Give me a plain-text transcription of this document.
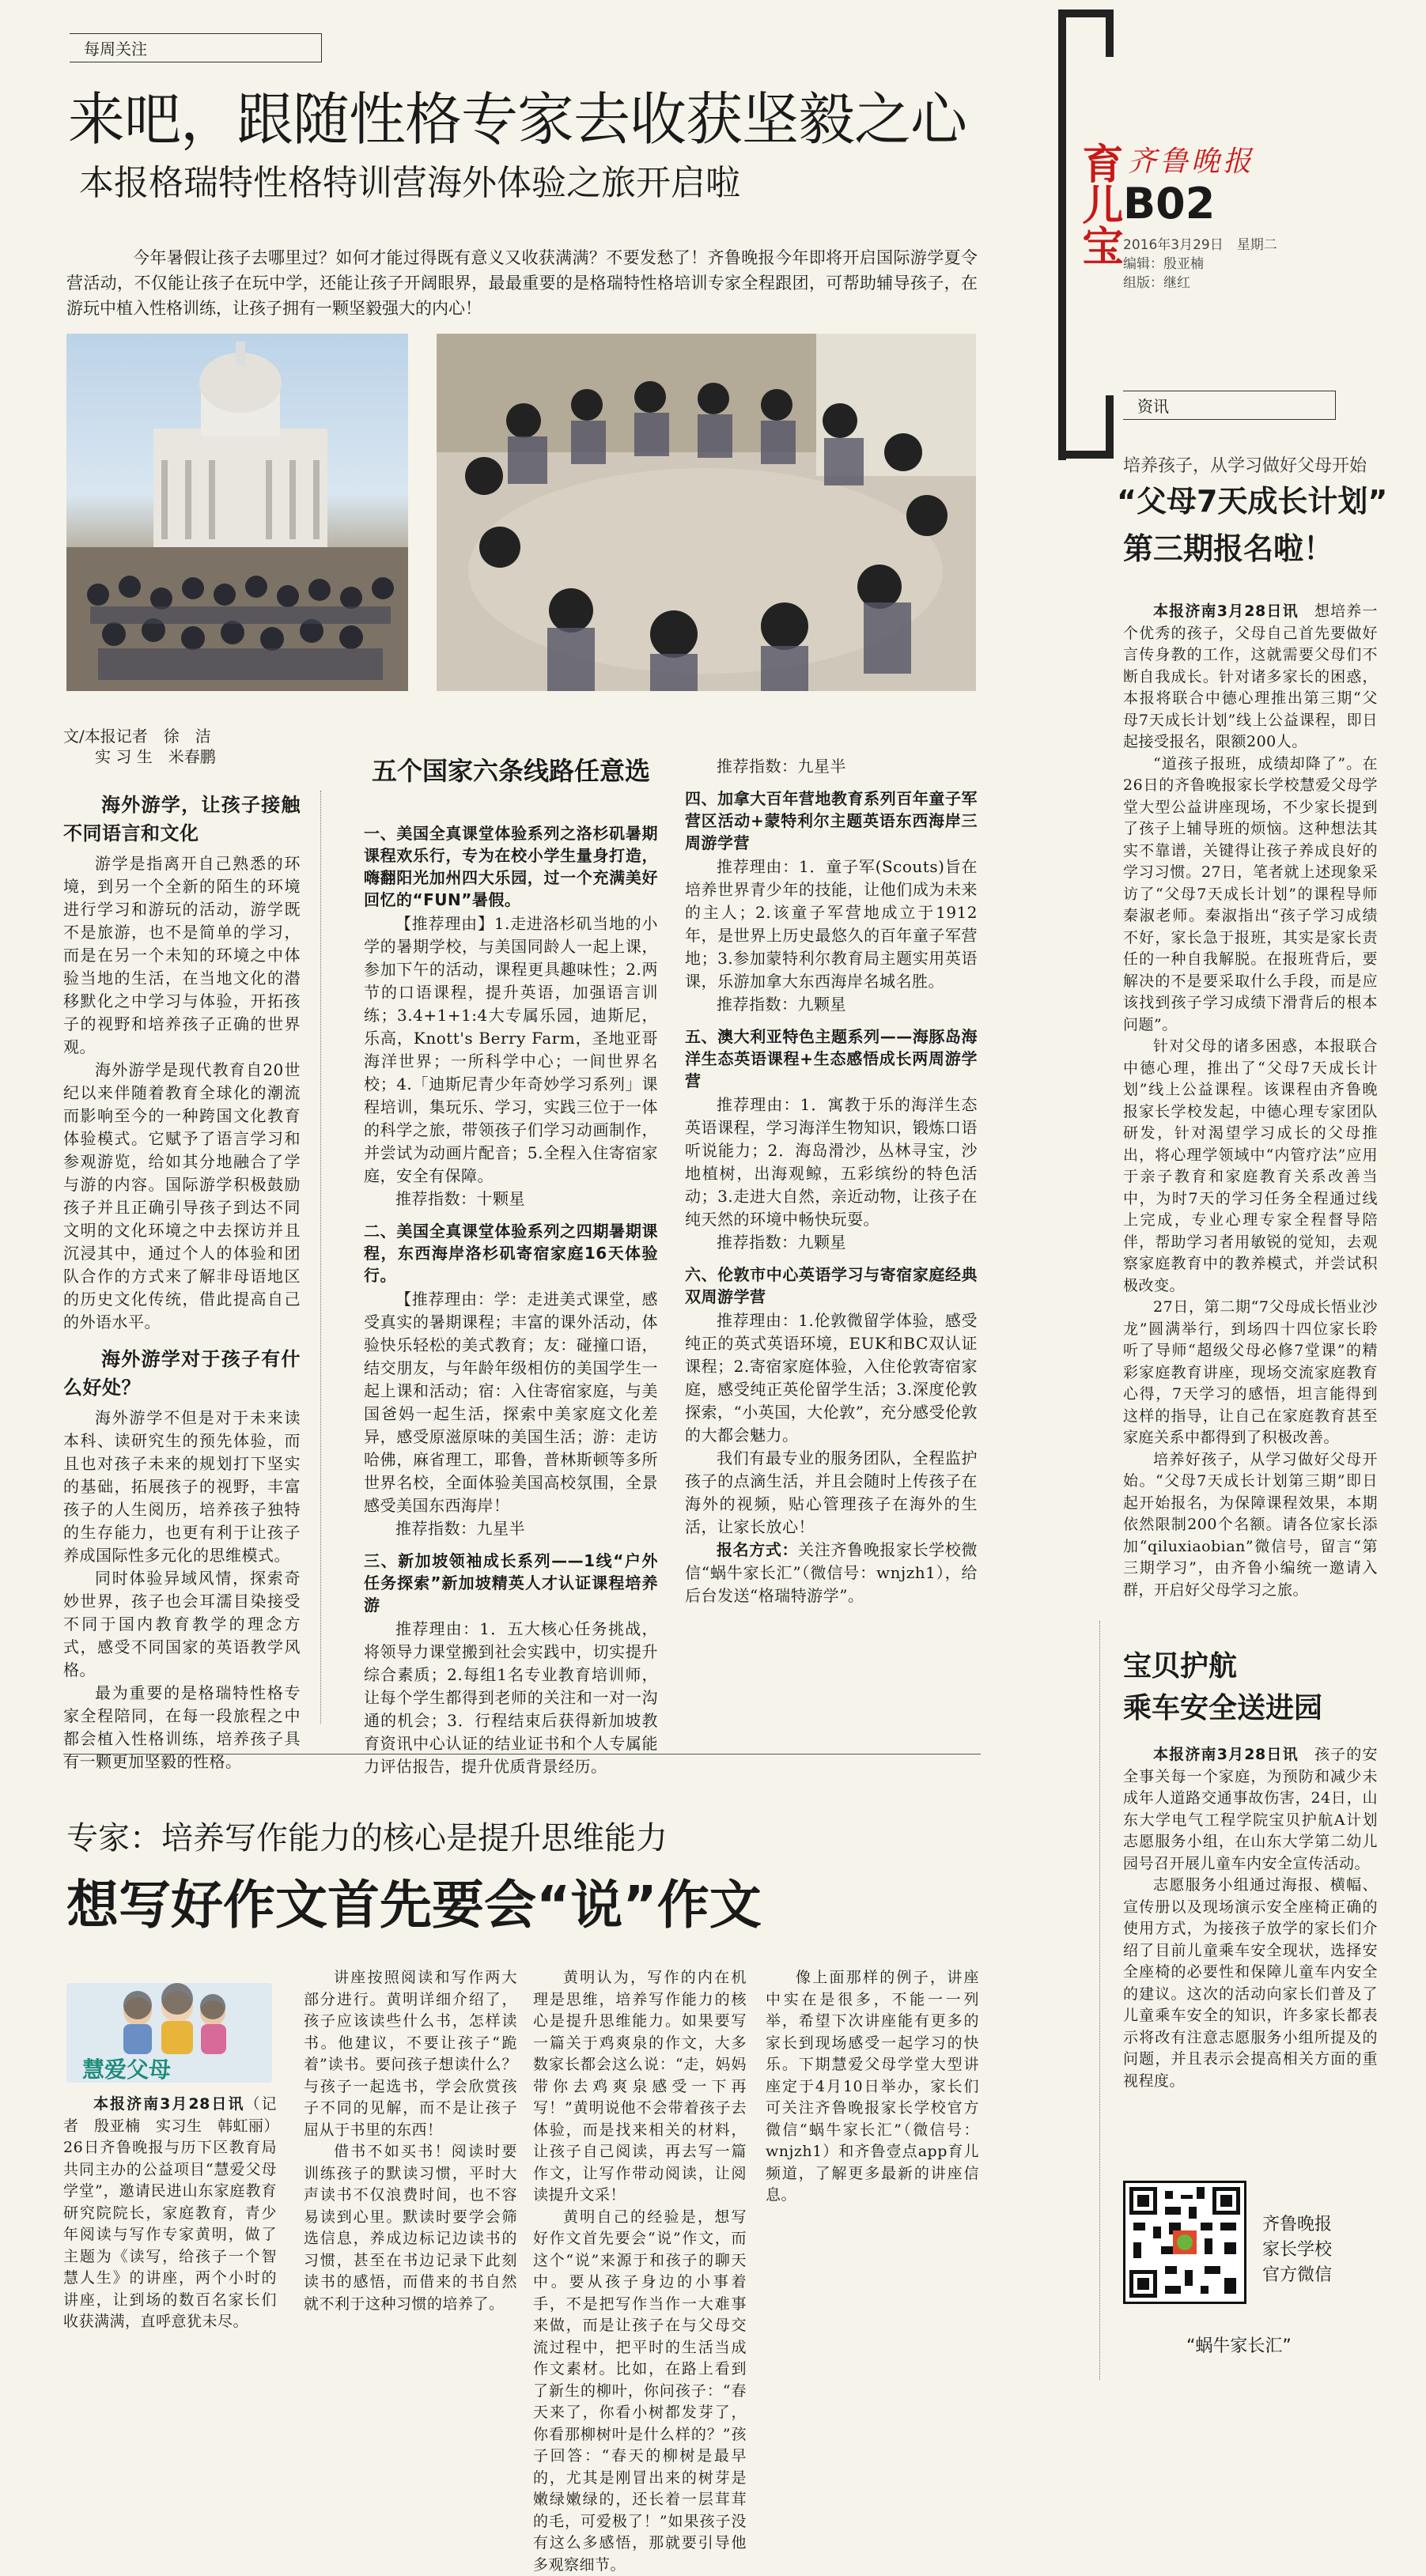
每周关注
来吧，跟随性格专家去收获坚毅之心
本报格瑞特性格特训营海外体验之旅开启啦
今年暑假让孩子去哪里过？如何才能过得既有意义又收获满满？不要发愁了！齐鲁晚报今年即将开启国际游学夏令营活动，不仅能让孩子在玩中学，还能让孩子开阔眼界，最最重要的是格瑞特性格培训专家全程跟团，可帮助辅导孩子，在游玩中植入性格训练，让孩子拥有一颗坚毅强大的内心！
文/本报记者　徐　洁
实 习 生　米春鹏
海外游学，让孩子接触不同语言和文化

游学是指离开自己熟悉的环境，到另一个全新的陌生的环境进行学习和游玩的活动，游学既不是旅游，也不是简单的学习，而是在另一个未知的环境之中体验当地的生活，在当地文化的潜移默化之中学习与体验，开拓孩子的视野和培养孩子正确的世界观。

海外游学是现代教育自20世纪以来伴随着教育全球化的潮流而影响至今的一种跨国文化教育体验模式。它赋予了语言学习和参观游览，给如其分地融合了学与游的内容。国际游学积极鼓励孩子并且正确引导孩子到达不同文明的文化环境之中去探访并且沉浸其中，通过个人的体验和团队合作的方式来了解非母语地区的历史文化传统，借此提高自己的外语水平。

海外游学对于孩子有什么好处？

海外游学不但是对于未来读本科、读研究生的预先体验，而且也对孩子未来的规划打下坚实的基础，拓展孩子的视野，丰富孩子的人生阅历，培养孩子独特的生存能力，也更有利于让孩子养成国际性多元化的思维模式。

同时体验异域风情，探索奇妙世界，孩子也会耳濡目染接受不同于国内教育教学的理念方式，感受不同国家的英语教学风格。

最为重要的是格瑞特性格专家全程陪同，在每一段旅程之中都会植入性格训练，培养孩子具有一颗更加坚毅的性格。

五个国家六条线路任意选
一、美国全真课堂体验系列之洛杉矶暑期课程欢乐行，专为在校小学生量身打造，嗨翻阳光加州四大乐园，过一个充满美好回忆的“FUN”暑假。

【推荐理由】1.走进洛杉矶当地的小学的暑期学校，与美国同龄人一起上课，参加下午的活动，课程更具趣味性；2.两节的口语课程，提升英语，加强语言训练；3.4+1+1:4大专属乐园，迪斯尼，乐高，Knott's Berry Farm，圣地亚哥海洋世界；一所科学中心；一间世界名校；4.「迪斯尼青少年奇妙学习系列」课程培训，集玩乐、学习，实践三位于一体的科学之旅，带领孩子们学习动画制作，并尝试为动画片配音；5.全程入住寄宿家庭，安全有保障。

推荐指数：十颗星

二、美国全真课堂体验系列之四期暑期课程，东西海岸洛杉矶寄宿家庭16天体验行。

【推荐理由：学：走进美式课堂，感受真实的暑期课程；丰富的课外活动，体验快乐轻松的美式教育；友：碰撞口语，结交朋友，与年龄年级相仿的美国学生一起上课和活动；宿：入住寄宿家庭，与美国爸妈一起生活，探索中美家庭文化差异，感受原滋原味的美国生活；游：走访哈佛，麻省理工，耶鲁，普林斯顿等多所世界名校，全面体验美国高校氛围，全景感受美国东西海岸！

推荐指数：九星半

三、新加坡领袖成长系列——1线“户外任务探索”新加坡精英人才认证课程培养游

推荐理由：1．五大核心任务挑战，将领导力课堂搬到社会实践中，切实提升综合素质；2.每组1名专业教育培训师，让每个学生都得到老师的关注和一对一沟通的机会；3．行程结束后获得新加坡教育资讯中心认证的结业证书和个人专属能力评估报告，提升优质背景经历。

推荐指数：九星半

四、加拿大百年营地教育系列百年童子军营区活动+蒙特利尔主题英语东西海岸三周游学营

推荐理由：1．童子军(Scouts)旨在培养世界青少年的技能，让他们成为未来的主人；2.该童子军营地成立于1912年，是世界上历史最悠久的百年童子军营地；3.参加蒙特利尔教育局主题实用英语课，乐游加拿大东西海岸名城名胜。

推荐指数：九颗星

五、澳大利亚特色主题系列——海豚岛海洋生态英语课程+生态感悟成长两周游学营

推荐理由：1．寓教于乐的海洋生态英语课程，学习海洋生物知识，锻炼口语听说能力；2．海岛滑沙，丛林寻宝，沙地植树，出海观鲸，五彩缤纷的特色活动；3.走进大自然，亲近动物，让孩子在纯天然的环境中畅快玩耍。

推荐指数：九颗星

六、伦敦市中心英语学习与寄宿家庭经典双周游学营

推荐理由：1.伦敦微留学体验，感受纯正的英式英语环境，EUK和BC双认证课程；2.寄宿家庭体验，入住伦敦寄宿家庭，感受纯正英伦留学生活；3.深度伦敦探索，“小英国，大伦敦”，充分感受伦敦的大都会魅力。

我们有最专业的服务团队，全程监护孩子的点滴生活，并且会随时上传孩子在海外的视频，贴心管理孩子在海外的生活，让家长放心！

报名方式：关注齐鲁晚报家长学校微信“蜗牛家长汇”（微信号：wnjzh1），给后台发送“格瑞特游学”。

育儿宝 齐鲁晚报
B02
2016年3月29日　星期二
编辑：殷亚楠
组版：继红
资讯
培养孩子，从学习做好父母开始
“父母7天成长计划”
第三期报名啦！

本报济南3月28日讯　 想培养一个优秀的孩子，父母自己首先要做好言传身教的工作，这就需要父母们不断自我成长。针对诸多家长的困惑，本报将联合中德心理推出第三期“父母7天成长计划”线上公益课程，即日起接受报名，限额200人。

“道孩子报班，成绩却降了”。在26日的齐鲁晚报家长学校慧爱父母学堂大型公益讲座现场，不少家长提到了孩子上辅导班的烦恼。这种想法其实不靠谱，关键得让孩子养成良好的学习习惯。27日，笔者就上述现象采访了“父母7天成长计划”的课程导师秦淑老师。秦淑指出“孩子学习成绩不好，家长急于报班，其实是家长责任的一种自我解脱。在报班背后，要解决的不是要采取什么手段，而是应该找到孩子学习成绩下滑背后的根本问题”。

针对父母的诸多困惑，本报联合中德心理，推出了“父母7天成长计划”线上公益课程。该课程由齐鲁晚报家长学校发起，中德心理专家团队研发，针对渴望学习成长的父母推出，将心理学领域中“内管疗法”应用于亲子教育和家庭教育关系改善当中，为时7天的学习任务全程通过线上完成，专业心理专家全程督导陪伴，帮助学习者用敏锐的觉知，去观察家庭教育中的教养模式，并尝试积极改变。

27日，第二期“7父母成长悟业沙龙”圆满举行，到场四十四位家长聆听了导师“超级父母必修7堂课”的精彩家庭教育讲座，现场交流家庭教育心得，7天学习的感悟，坦言能得到这样的指导，让自己在家庭教育甚至家庭关系中都得到了积极改善。

培养好孩子，从学习做好父母开始。“父母7天成长计划第三期”即日起开始报名，为保障课程效果，本期依然限制200个名额。请各位家长添加“qiluxiaobian”微信号，留言“第三期学习”，由齐鲁小编统一邀请入群，开启好父母学习之旅。

宝贝护航
乘车安全送进园

本报济南3月28日讯　 孩子的安全事关每一个家庭，为预防和减少未成年人道路交通事故伤害，24日，山东大学电气工程学院宝贝护航A计划志愿服务小组，在山东大学第二幼儿园号召开展儿童车内安全宣传活动。

志愿服务小组通过海报、横幅、宣传册以及现场演示安全座椅正确的使用方式，为接孩子放学的家长们介绍了目前儿童乘车安全现状，选择安全座椅的必要性和保障儿童车内安全的建议。这次的活动向家长们普及了儿童乘车安全的知识，许多家长都表示将改有注意志愿服务小组所提及的问题，并且表示会提高相关方面的重视程度。

齐鲁晚报
家长学校
官方微信
“蜗牛家长汇”
专家：培养写作能力的核心是提升思维能力
想写好作文首先要会“说”作文
慧爱父母

本报济南3月28日讯（记者　殷亚楠　实习生　韩虹丽）26日齐鲁晚报与历下区教育局共同主办的公益项目“慧爱父母学堂”，邀请民进山东家庭教育研究院院长，家庭教育，青少年阅读与写作专家黄明，做了主题为《读写，给孩子一个智慧人生》的讲座，两个小时的讲座，让到场的数百名家长们收获满满，直呼意犹未尽。

讲座按照阅读和写作两大部分进行。黄明详细介绍了，孩子应该读些什么书，怎样读书。他建议，不要让孩子“跪着”读书。要问孩子想读什么？与孩子一起选书，学会欣赏孩子不同的见解，而不是让孩子屈从于书里的东西！

借书不如买书！阅读时要训练孩子的默读习惯，平时大声读书不仅浪费时间，也不容易读到心里。默读时要学会筛选信息，养成边标记边读书的习惯，甚至在书边记录下此刻读书的感悟，而借来的书自然就不利于这种习惯的培养了。

黄明认为，写作的内在机理是思维，培养写作能力的核心是提升思维能力。如果要写一篇关于鸡爽泉的作文，大多数家长都会这么说：“走，妈妈带你去鸡爽泉感受一下再写！”黄明说他不会带着孩子去体验，而是找来相关的材料，让孩子自己阅读，再去写一篇作文，让写作带动阅读，让阅读提升文采！

黄明自己的经验是，想写好作文首先要会“说”作文，而这个“说”来源于和孩子的聊天中。要从孩子身边的小事着手，不是把写作当作一大难事来做，而是让孩子在与父母交流过程中，把平时的生活当成作文素材。比如，在路上看到了新生的柳叶，你问孩子：“春天来了，你看小树都发芽了，你看那柳树叶是什么样的？”孩子回答：“春天的柳树是最早的，尤其是刚冒出来的树芽是嫩绿嫩绿的，还长着一层茸茸的毛，可爱极了！”如果孩子没有这么多感悟，那就要引导他多观察细节。

像上面那样的例子，讲座中实在是很多，不能一一列举，希望下次讲座能有更多的家长到现场感受一起学习的快乐。下期慧爱父母学堂大型讲座定于4月10日举办，家长们可关注齐鲁晚报家长学校官方微信“蜗牛家长汇”（微信号：wnjzh1）和齐鲁壹点app育儿频道，了解更多最新的讲座信息。
